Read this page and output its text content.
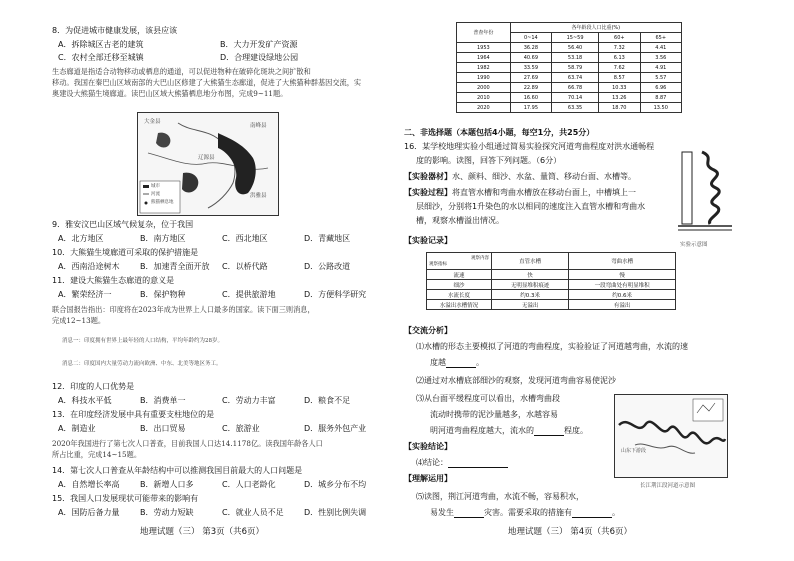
8．为促进城市健康发展，该县应该
A．拆除城区古老的建筑	B．大力开发矿产资源
C．农村全部迁移至城镇	D．合理建设绿地公园
生态廊道是指适合动物移动或栖息的通道，可以促进物种在破碎化斑块之间扩散和
移动。我国在秦巴山区域南部的大巴山区修建了大熊猫生态廊道，促进了大熊猫种群基因交流，实
奥建设大熊猫生境廊道。读巴山区域大熊猫栖息地分布图，完成9~11题。
大金县
辽源县
洪雅县
南峰县
城市
河流
熊猫栖息地
9．雅安汶巴山区域气候复杂，位于我国
A．北方地区	B．南方地区	C．西北地区	D．青藏地区
10．大熊猫生境廊道可采取的保护措施是
A．西南沿途树木	B．加速青全面开放 C．以桥代路	D．公路改道
11．建设大熊猫生态廊道的意义是
A．繁荣经济一	B．保护物种	C．提供旅游地	D．方便科学研究
联合国报告指出：印度将在2023年成为世界上人口最多的国家。读下面三则消息，
完成12~13题。
消息一：印度拥有世界上最年轻的人口结构，平均年龄约为28岁。
消息二：印度国内大量劳动力流向欧洲、中东、北美等地区务工。
12．印度的人口优势是
A．科技水平低	B．消费单一	C．劳动力丰富	D．粮食不足
13．在印度经济发展中具有重要支柱地位的是
A．制造业	B．出口贸易	C．旅游业	D．服务外包产业
2020年我国进行了第七次人口普查，目前我国人口达14.1178亿。读我国年龄各人口
所占比重，完成14~15题。
14．第七次人口普查从年龄结构中可以推测我国目前最大的人口问题是
A．自然增长率高	B．新增人口多	C．人口老龄化	D．城乡分布不均
15．我国人口发展现状可能带来的影响有
A．国防后备力量	B．劳动力短缺	C．就业人员不足	D．性别比例失调
地理试题（三） 第3页（共6页）
普查年份	各年龄段人口比重(%)			
	0~14	15~59	60+	65+
1953	36.28	56.40	7.32	4.41
1964	40.69	53.18	6.13	3.56
1982	33.59	58.79	7.62	4.91
1990	27.69	63.74	8.57	5.57
2000	22.89	66.78	10.33	6.96
2010	16.60	70.14	13.26	8.87
2020	17.95	63.35	18.70	13.50
二、非选择题（本题包括4小题，每空1分，共25分）
16．某学校地理实验小组通过简易实验探究河道弯曲程度对洪水通畅程
度的影响。读图，回答下列问题。（6分）
【实验器材】水、颜料、细沙、水盆、量筒、移动台面、水槽等。
【实验过程】将直管水槽和弯曲水槽放在移动台面上，中槽填上一
层细沙，分别将1升染色的水以相同的速度注入直管水槽和弯曲水
槽，观察水槽溢出情况。
实验示意图
【实验记录】
观察内容
观察指标	直管水槽	弯曲水槽
流速	快	慢
细沙	无明显堆积痕迹	一段弯曲处有明显堆积
水流长度	约0.3米	约0.6米
水溢出水槽情况	无溢出	有溢出
【交流分析】
⑴水槽的形态主要模拟了河道的弯曲程度，实验验证了河道越弯曲，水流的速
度越	。
⑵通过对水槽底部细沙的观察，发现河道弯曲容易使泥沙
⑶从台面平缓程度可以看出，水槽弯曲段
流动时携带的泥沙量越多，水越容易
明河道弯曲程度越大，流水的	程度。
山东下游段
长江荆江段河道示意图
【实验结论】
⑷结论：
【理解运用】
⑸读图，荆江河道弯曲，水流不畅，容易积水，
易发生	灾害。需要采取的措施有	。
地理试题（三） 第4页（共6页）
